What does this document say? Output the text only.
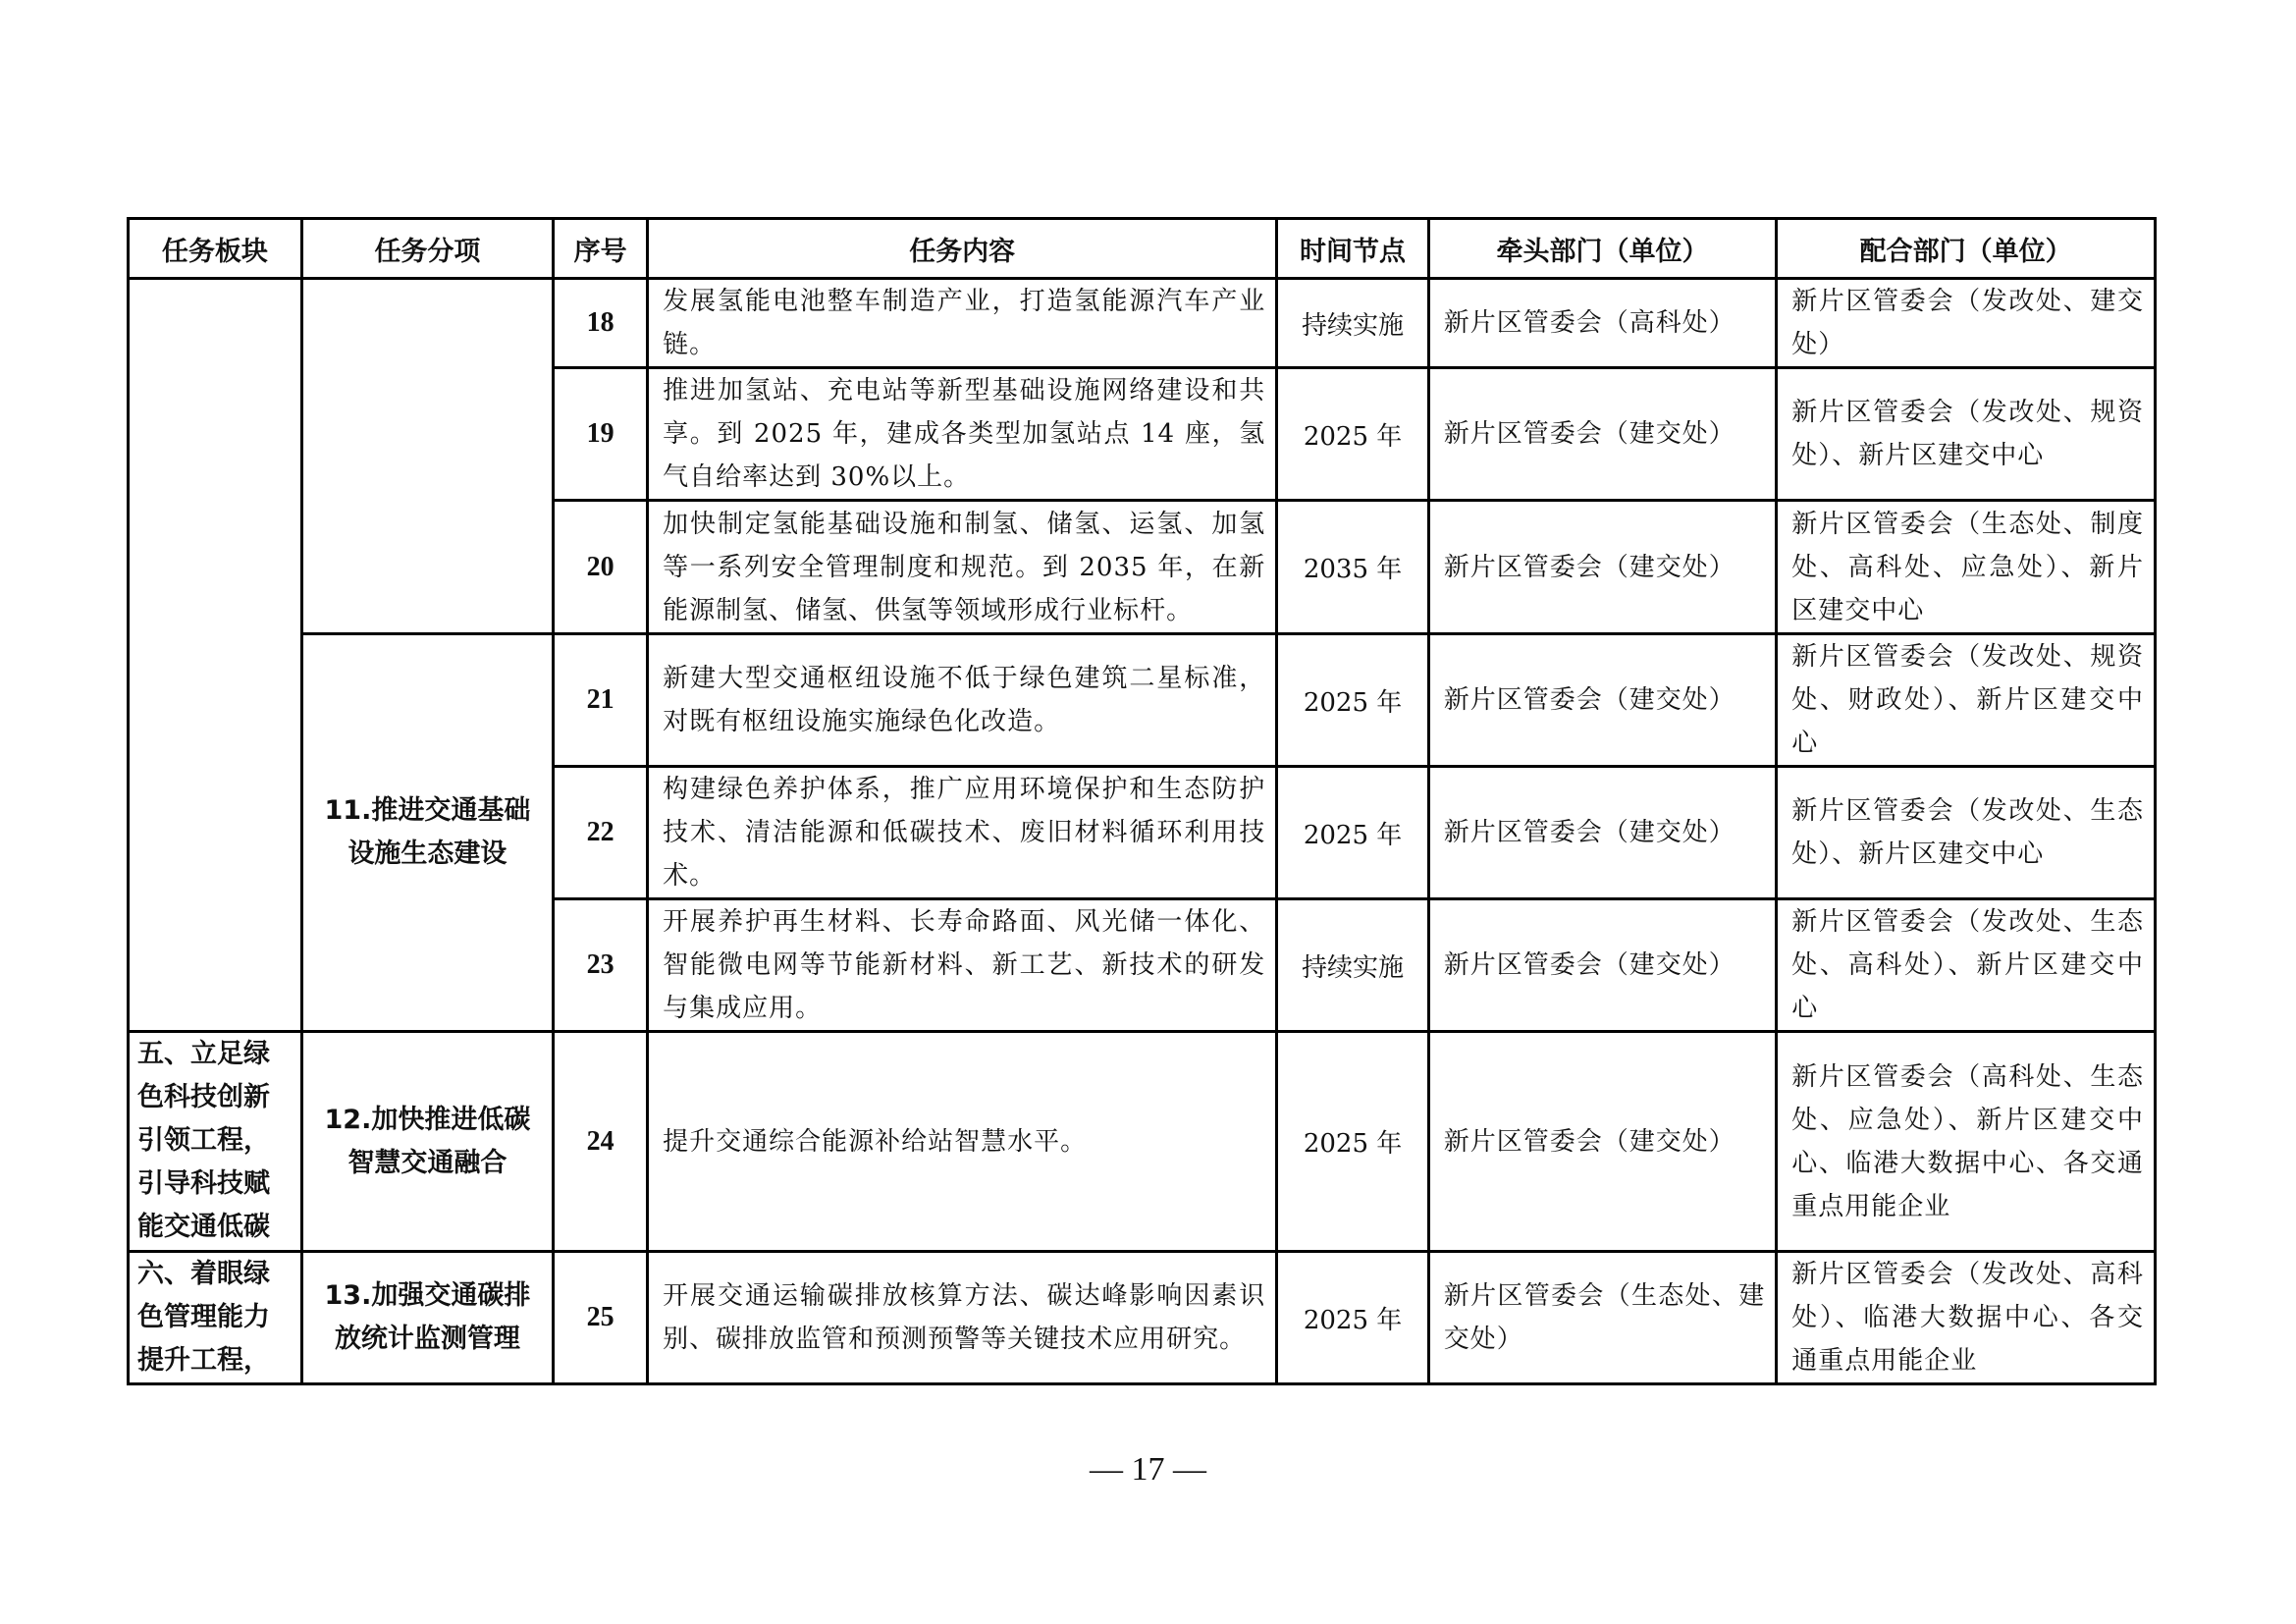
任务板块	任务分项	序号	任务内容	时间节点	牵头部门（单位）	配合部门（单位）
		18	发展氢能电池整车制造产业，打造氢能源汽车产业链。	持续实施	新片区管委会（高科处）	新片区管委会（发改处、建交处）
		19	推进加氢站、充电站等新型基础设施网络建设和共享。到 2025 年，建成各类型加氢站点 14 座，氢气自给率达到 30%以上。	2025 年	新片区管委会（建交处）	新片区管委会（发改处、规资处）、新片区建交中心
		20	加快制定氢能基础设施和制氢、储氢、运氢、加氢等一系列安全管理制度和规范。到 2035 年，在新能源制氢、储氢、供氢等领域形成行业标杆。	2035 年	新片区管委会（建交处）	新片区管委会（生态处、制度处、高科处、应急处）、新片区建交中心
	11.推进交通基础设施生态建设	21	新建大型交通枢纽设施不低于绿色建筑二星标准，对既有枢纽设施实施绿色化改造。	2025 年	新片区管委会（建交处）	新片区管委会（发改处、规资处、财政处）、新片区建交中心
		22	构建绿色养护体系，推广应用环境保护和生态防护技术、清洁能源和低碳技术、废旧材料循环利用技术。	2025 年	新片区管委会（建交处）	新片区管委会（发改处、生态处）、新片区建交中心
		23	开展养护再生材料、长寿命路面、风光储一体化、智能微电网等节能新材料、新工艺、新技术的研发与集成应用。	持续实施	新片区管委会（建交处）	新片区管委会（发改处、生态处、高科处）、新片区建交中心
五、立足绿色科技创新引领工程，引导科技赋能交通低碳	12.加快推进低碳智慧交通融合	24	提升交通综合能源补给站智慧水平。	2025 年	新片区管委会（建交处）	新片区管委会（高科处、生态处、应急处）、新片区建交中心、临港大数据中心、各交通重点用能企业
六、着眼绿色管理能力提升工程，	13.加强交通碳排放统计监测管理	25	开展交通运输碳排放核算方法、碳达峰影响因素识别、碳排放监管和预测预警等关键技术应用研究。	2025 年	新片区管委会（生态处、建交处）	新片区管委会（发改处、高科处）、临港大数据中心、各交通重点用能企业
— 17 —
